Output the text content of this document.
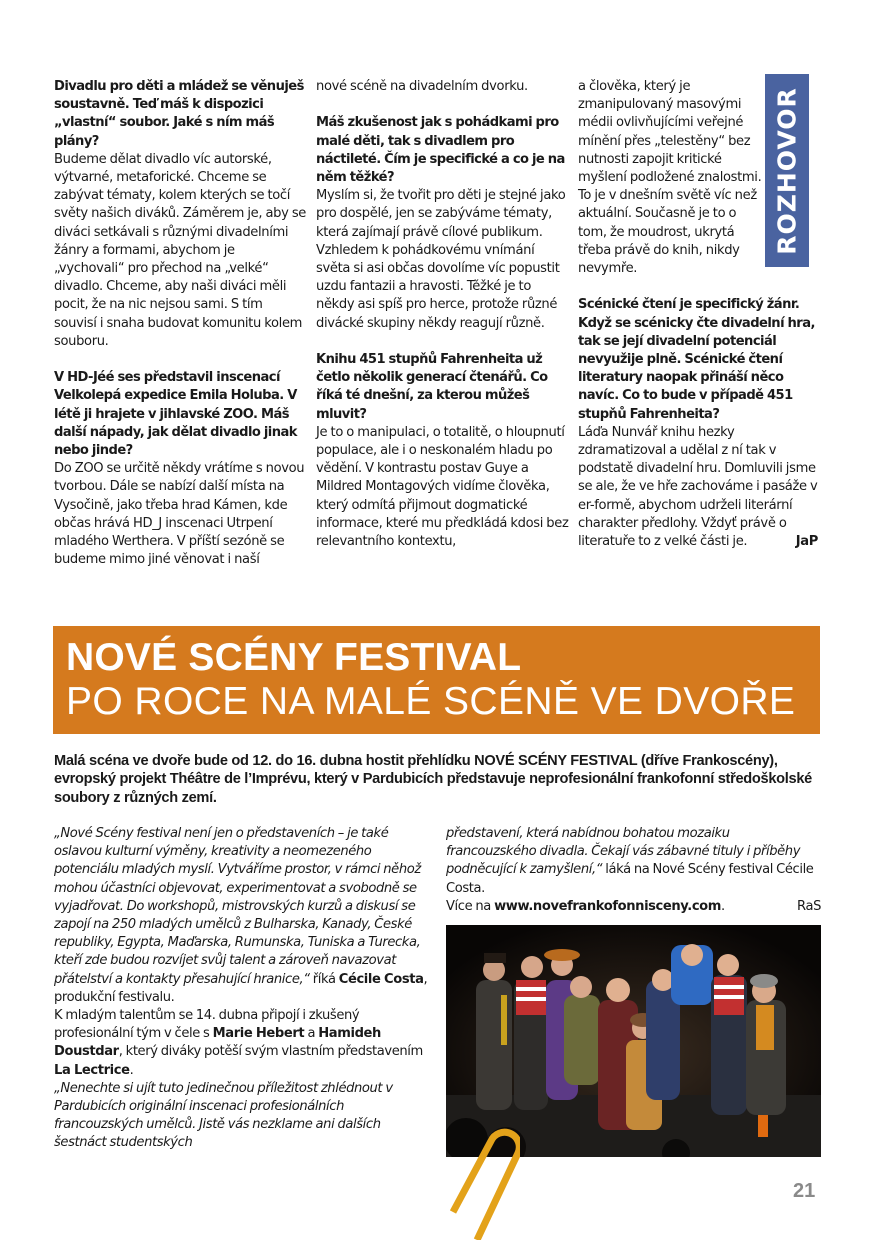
Divadlu pro děti a mládež se věnuješ soustavně. Teď máš k dispozici „vlastní“ soubor. Jaké s ním máš plány?

Budeme dělat divadlo víc autorské, výtvarné, metaforické. Chceme se zabývat tématy, kolem kterých se točí světy našich diváků. Záměrem je, aby se diváci setkávali s různými divadelními žánry a formami, abychom je „vychovali“ pro přechod na „velké“ divadlo. Chceme, aby naši diváci měli pocit, že na nic nejsou sami. S tím souvisí i snaha budovat komunitu kolem souboru.

V HD-Jéé ses představil inscenací Velkolepá expedice Emila Holuba. V létě ji hrajete v jihlavské ZOO. Máš další nápady, jak dělat divadlo jinak nebo jinde?

Do ZOO se určitě někdy vrátíme s novou tvorbou. Dále se nabízí další místa na Vysočině, jako třeba hrad Kámen, kde občas hrává HD_J inscenaci Utrpení mladého Werthera. V příští sezóně se budeme mimo jiné věnovat i naší

nové scéně na divadelním dvorku.

Máš zkušenost jak s pohádkami pro malé děti, tak s divadlem pro náctileté. Čím je specifické a co je na něm těžké?

Myslím si, že tvořit pro děti je stejné jako pro dospělé, jen se zabýváme tématy, která zajímají právě cílové publikum. Vzhledem k pohádkovému vnímání světa si asi občas dovolíme víc popustit uzdu fantazii a hravosti. Těžké je to někdy asi spíš pro herce, protože různé divácké skupiny někdy reagují různě.

Knihu 451 stupňů Fahrenheita už četlo několik generací čtenářů. Co říká té dnešní, za kterou můžeš mluvit?

Je to o manipulaci, o totalitě, o hloupnutí populace, ale i o neskonalém hladu po vědění. V kontrastu postav Guye a Mildred Montagových vidíme člověka, který odmítá přijmout dogmatické informace, které mu předkládá kdosi bez relevantního kontextu,

a člověka, který je zmanipulovaný masovými médii ovlivňujícími veřejné mínění přes „telestěny“ bez nutnosti zapojit kritické myšlení podložené znalostmi. To je v dnešním světě víc než aktuální. Současně je to o tom, že moudrost, ukrytá třeba právě do knih, nikdy nevymře.

Scénické čtení je specifický žánr. Když se scénicky čte divadelní hra, tak se její divadelní potenciál nevyužije plně. Scénické čtení literatury naopak přináší něco navíc. Co to bude v případě 451 stupňů Fahrenheita?

Láďa Nunvář knihu hezky zdramatizoval a udělal z ní tak v podstatě divadelní hru. Domluvili jsme se ale, že ve hře zachováme i pasáže v er-formě, abychom udrželi literární charakter předlohy. Vždyť právě o literatuře to z velké části je.	JaP

ROZHOVOR
NOVÉ SCÉNY FESTIVAL
PO ROCE NA MALÉ SCÉNĚ VE DVOŘE
Malá scéna ve dvoře bude od 12. do 16. dubna hostit přehlídku NOVÉ SCÉNY FESTIVAL (dříve Frankoscény), evropský projekt Théâtre de l’Imprévu, který v Pardubicích představuje neprofesionální frankofonní středoškolské soubory z různých zemí.

„Nové Scény festival není jen o představeních – je také oslavou kulturní výměny, kreativity a neomezeného potenciálu mladých myslí. Vytváříme prostor, v rámci něhož mohou účastníci objevovat, experimentovat a svobodně se vyjadřovat. Do workshopů, mistrovských kurzů a diskusí se zapojí na 250 mladých umělců z Bulharska, Kanady, České republiky, Egypta, Maďarska, Rumunska, Tuniska a Turecka, kteří zde budou rozvíjet svůj talent a zároveň navazovat přátelství a kontakty přesahující hranice,“ říká Cécile Costa, produkční festivalu.

K mladým talentům se 14. dubna připojí i zkušený profesionální tým v čele s Marie Hebert a Hamideh Doustdar, který diváky potěší svým vlastním představením La Lectrice.

„Nenechte si ujít tuto jedinečnou příležitost zhlédnout v Pardubicích originální inscenaci profesionálních francouzských umělců. Jistě vás nezklame ani dalších šestnáct studentských

představení, která nabídnou bohatou mozaiku francouzského divadla. Čekají vás zábavné tituly i příběhy podněcující k zamyšlení,“ láká na Nové Scény festival Cécile Costa.

Více na www.novefrankofonnisceny.com.	RaS

21
